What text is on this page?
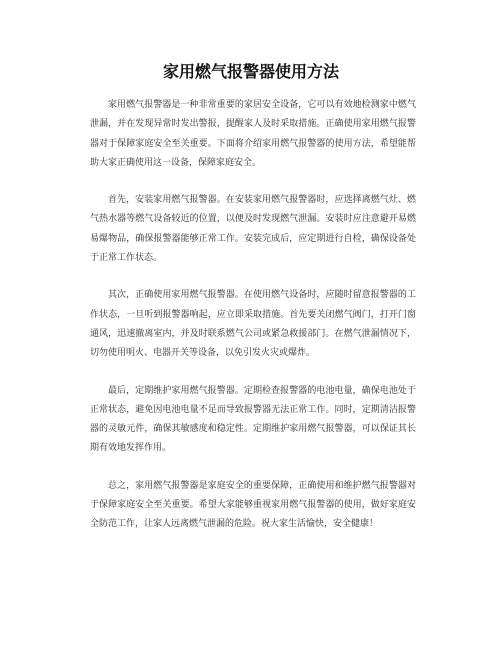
家用燃气报警器使用方法

家用燃气报警器是一种非常重要的家居安全设备，它可以有效地检测家中燃气泄漏，并在发现异常时发出警报，提醒家人及时采取措施。正确使用家用燃气报警器对于保障家庭安全至关重要。下面将介绍家用燃气报警器的使用方法，希望能帮助大家正确使用这一设备，保障家庭安全。

首先，安装家用燃气报警器。在安装家用燃气报警器时，应选择离燃气灶、燃气热水器等燃气设备较近的位置，以便及时发现燃气泄漏。安装时应注意避开易燃易爆物品，确保报警器能够正常工作。安装完成后，应定期进行自检，确保设备处于正常工作状态。

其次，正确使用家用燃气报警器。在使用燃气设备时，应随时留意报警器的工作状态，一旦听到报警器响起，应立即采取措施。首先要关闭燃气阀门，打开门窗通风，迅速撤离室内，并及时联系燃气公司或紧急救援部门。在燃气泄漏情况下，切勿使用明火、电器开关等设备，以免引发火灾或爆炸。

最后，定期维护家用燃气报警器。定期检查报警器的电池电量，确保电池处于正常状态，避免因电池电量不足而导致报警器无法正常工作。同时，定期清洁报警器的灵敏元件，确保其敏感度和稳定性。定期维护家用燃气报警器，可以保证其长期有效地发挥作用。

总之，家用燃气报警器是家庭安全的重要保障，正确使用和维护燃气报警器对于保障家庭安全至关重要。希望大家能够重视家用燃气报警器的使用，做好家庭安全防范工作，让家人远离燃气泄漏的危险。祝大家生活愉快，安全健康！
